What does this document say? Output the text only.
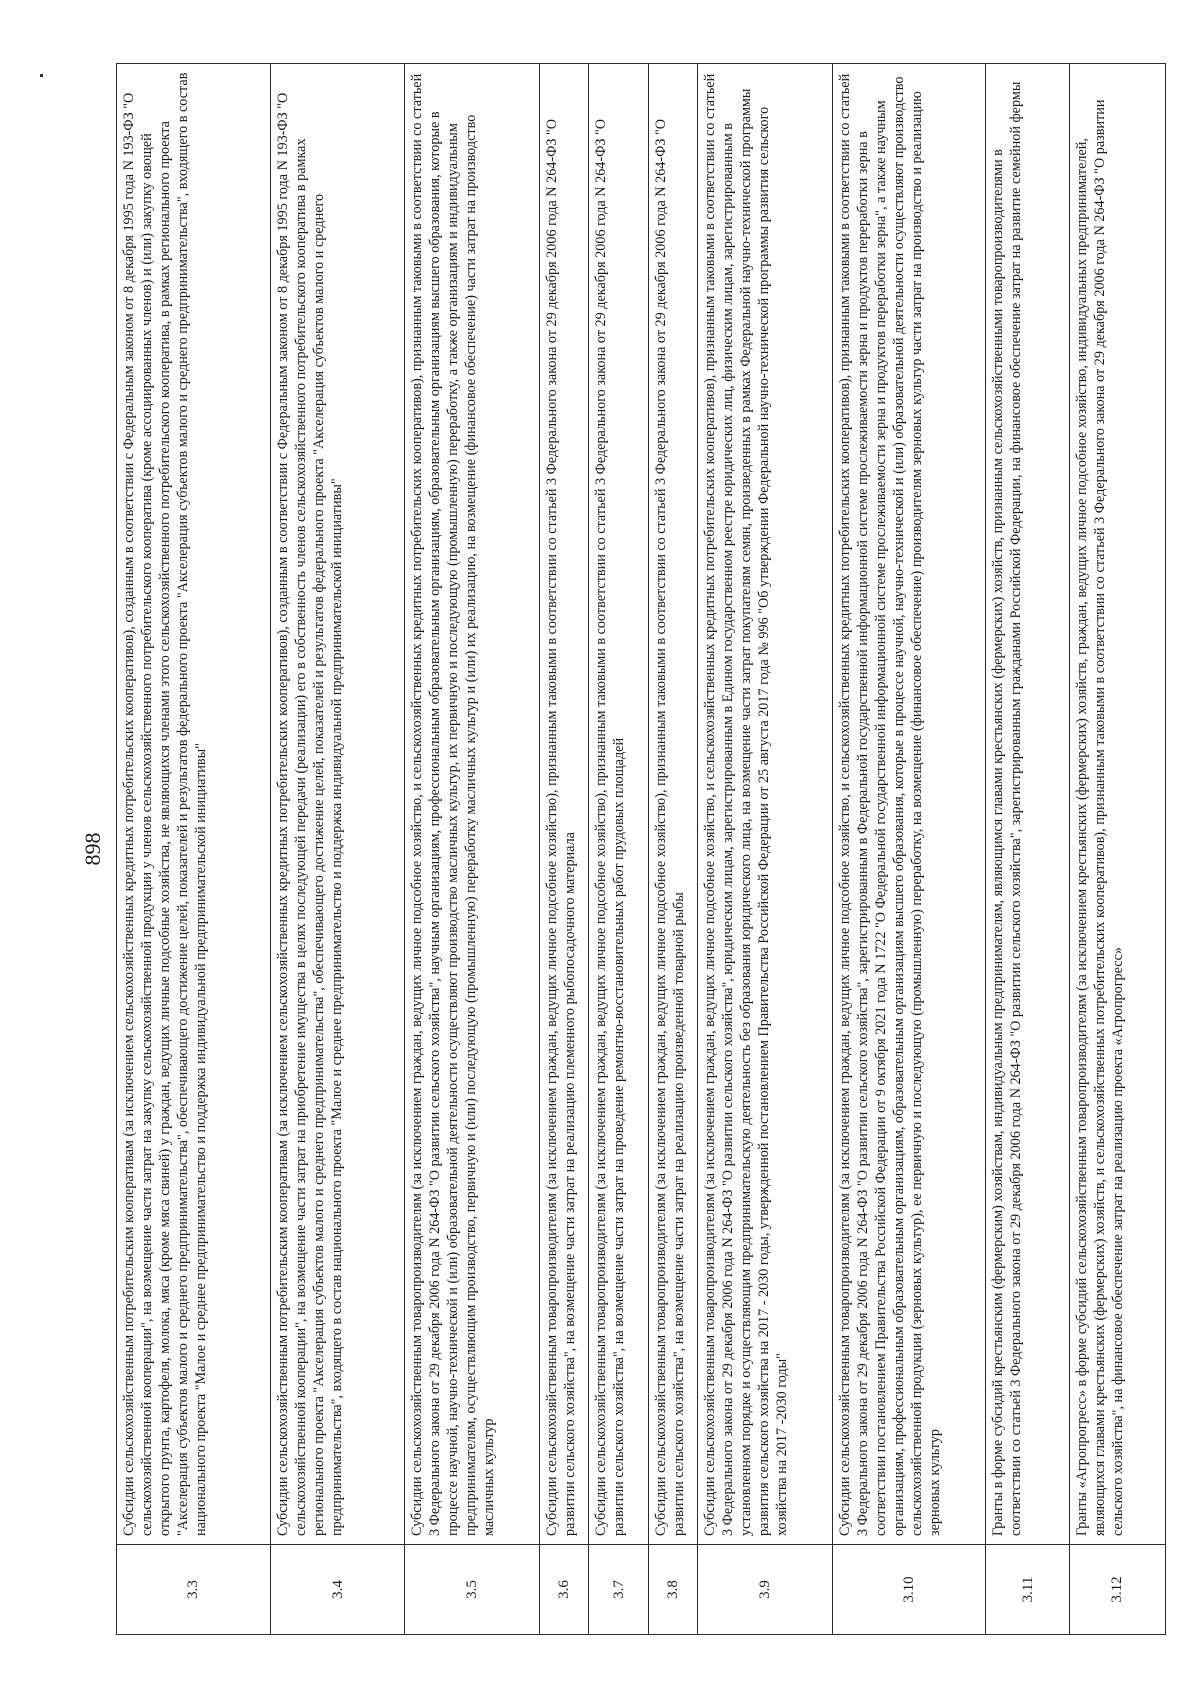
898
3.3	Субсидии сельскохозяйственным потребительским кооперативам (за исключением сельскохозяйственных кредитных потребительских кооперативов), созданным в соответствии с Федеральным законом от 8 декабря 1995 года N 193-ФЗ "О сельскохозяйственной кооперации", на возмещение части затрат на закупку сельскохозяйственной продукции у членов сельскохозяйственного потребительского кооператива (кроме ассоциированных членов) и (или) закупку овощей открытого грунта, картофеля, молока, мяса (кроме мяса свиней) у граждан, ведущих личные подсобные хозяйства, не являющихся членами этого сельскохозяйственного потребительского кооператива, в рамках регионального проекта "Акселерация субъектов малого и среднего предпринимательства", обеспечивающего достижение целей, показателей и результатов федерального проекта "Акселерация субъектов малого и среднего предпринимательства", входящего в состав национального проекта "Малое и среднее предпринимательство и поддержка индивидуальной предпринимательской инициативы"
3.4	Субсидии сельскохозяйственным потребительским кооперативам (за исключением сельскохозяйственных кредитных потребительских кооперативов), созданным в соответствии с Федеральным законом от 8 декабря 1995 года N 193-ФЗ "О сельскохозяйственной кооперации", на возмещение части затрат на приобретение имущества в целях последующей передачи (реализации) его в собственность членов сельскохозяйственного потребительского кооператива в рамках регионального проекта "Акселерация субъектов малого и среднего предпринимательства", обеспечивающего достижение целей, показателей и результатов федерального проекта "Акселерация субъектов малого и среднего предпринимательства", входящего в состав национального проекта "Малое и среднее предпринимательство и поддержка индивидуальной предпринимательской инициативы"
3.5	Субсидии сельскохозяйственным товаропроизводителям (за исключением граждан, ведущих личное подсобное хозяйство, и сельскохозяйственных кредитных потребительских кооперативов), признанным таковыми в соответствии со статьей 3 Федерального закона от 29 декабря 2006 года N 264-ФЗ "О развитии сельского хозяйства", научным организациям, профессиональным образовательным организациям, образовательным организациям высшего образования, которые в процессе научной, научно-технической и (или) образовательной деятельности осуществляют производство масличных культур, их первичную и последующую (промышленную) переработку, а также организациям и индивидуальным предпринимателям, осуществляющим производство, первичную и (или) последующую (промышленную) переработку масличных культур и (или) их реализацию, на возмещение (финансовое обеспечение) части затрат на производство масличных культур
3.6	Субсидии сельскохозяйственным товаропроизводителям (за исключением граждан, ведущих личное подсобное хозяйство), признанным таковыми в соответствии со статьей 3 Федерального закона от 29 декабря 2006 года N 264-ФЗ "О развитии сельского хозяйства", на возмещение части затрат на реализацию племенного рыбопосадочного материала
3.7	Субсидии сельскохозяйственным товаропроизводителям (за исключением граждан, ведущих личное подсобное хозяйство), признанным таковыми в соответствии со статьей 3 Федерального закона от 29 декабря 2006 года N 264-ФЗ "О развитии сельского хозяйства", на возмещение части затрат на проведение ремонтно-восстановительных работ прудовых площадей
3.8	Субсидии сельскохозяйственным товаропроизводителям (за исключением граждан, ведущих личное подсобное хозяйство), признанным таковыми в соответствии со статьей 3 Федерального закона от 29 декабря 2006 года N 264-ФЗ "О развитии сельского хозяйства", на возмещение части затрат на реализацию произведенной товарной рыбы
3.9	Субсидии сельскохозяйственным товаропроизводителям (за исключением граждан, ведущих личное подсобное хозяйство, и сельскохозяйственных кредитных потребительских кооперативов), признанным таковыми в соответствии со статьей 3 Федерального закона от 29 декабря 2006 года N 264-ФЗ "О развитии сельского хозяйства", юридическим лицам, зарегистрированным в Едином государственном реестре юридических лиц, физическим лицам, зарегистрированным в установленном порядке и осуществляющим предпринимательскую деятельность без образования юридического лица, на возмещение части затрат покупателям семян, произведенных в рамках Федеральной научно-технической программы развития сельского хозяйства на 2017 - 2030 годы, утвержденной постановлением Правительства Российской Федерации от 25 августа 2017 года № 996 "Об утверждении Федеральной научно-технической программы развития сельского хозяйства на 2017 -2030 годы"
3.10	Субсидии сельскохозяйственным товаропроизводителям (за исключением граждан, ведущих личное подсобное хозяйство, и сельскохозяйственных кредитных потребительских кооперативов), признанным таковыми в соответствии со статьей 3 Федерального закона от 29 декабря 2006 года N 264-ФЗ "О развитии сельского хозяйства", зарегистрированным в Федеральной государственной информационной системе прослеживаемости зерна и продуктов переработки зерна в соответствии постановлением Правительства Российской Федерации от 9 октября 2021 года N 1722 "О Федеральной государственной информационной системе прослеживаемости зерна и продуктов переработки зерна", а также научным организациям, профессиональным образовательным организациям, образовательным организациям высшего образования, которые в процессе научной, научно-технической и (или) образовательной деятельности осуществляют производство сельскохозяйственной продукции (зерновых культур), ее первичную и последующую (промышленную) переработку, на возмещение (финансовое обеспечение) производителям зерновых культур части затрат на производство и реализацию зерновых культур
3.11	Гранты в форме субсидий крестьянским (фермерским) хозяйствам, индивидуальным предпринимателям, являющимся главами крестьянских (фермерских) хозяйств, признанным сельскохозяйственными товаропроизводителями в соответствии со статьей 3 Федерального закона от 29 декабря 2006 года N 264-ФЗ "О развитии сельского хозяйства", зарегистрированным гражданами Российской Федерации, на финансовое обеспечение затрат на развитие семейной фермы
3.12	Гранты «Агропрогресс» в форме субсидий сельскохозяйственным товаропроизводителям (за исключением крестьянских (фермерских) хозяйств, граждан, ведущих личное подсобное хозяйство, индивидуальных предпринимателей, являющихся главами крестьянских (фермерских) хозяйств, и сельскохозяйственных потребительских кооперативов), признанным таковыми в соответствии со статьей 3 Федерального закона от 29 декабря 2006 года N 264-ФЗ "О развитии сельского хозяйства", на финансовое обеспечение затрат на реализацию проекта «Агропрогресс»
